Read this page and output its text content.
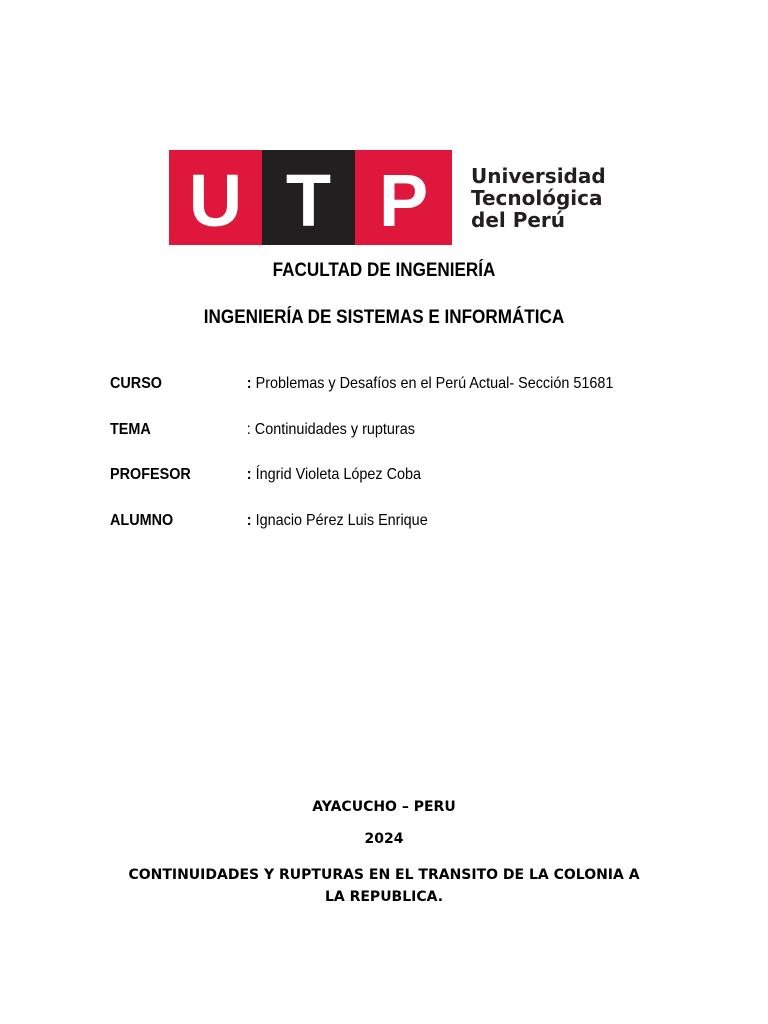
U T P Universidad
Tecnológica
del Perú
FACULTAD DE INGENIERÍA
INGENIERÍA DE SISTEMAS E INFORMÁTICA
CURSO	: Problemas y Desafíos en el Perú Actual- Sección 51681
TEMA	: Continuidades y rupturas
PROFESOR	: Íngrid Violeta López Coba
ALUMNO	: Ignacio Pérez Luis Enrique
AYACUCHO – PERU
2024
CONTINUIDADES Y RUPTURAS EN EL TRANSITO DE LA COLONIA A LA REPUBLICA.
